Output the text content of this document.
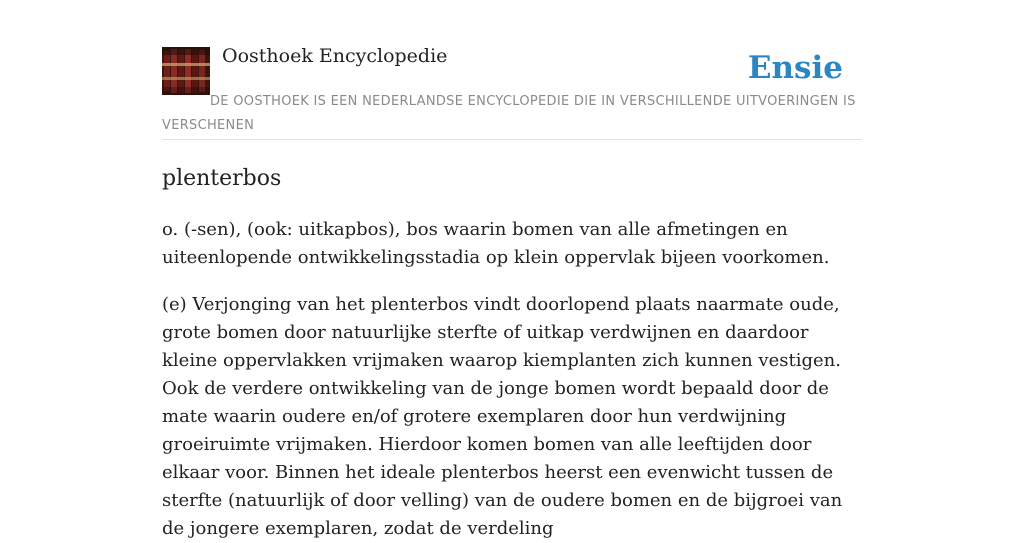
Oosthoek Encyclopedie	Ensie
DE OOSTHOEK IS EEN NEDERLANDSE ENCYCLOPEDIE DIE IN VERSCHILLENDE UITVOERINGEN IS VERSCHENEN
plenterbos

o. (-sen), (ook: uitkapbos), bos waarin bomen van alle afmetingen en uiteenlopende ontwikkelingsstadia op klein oppervlak bijeen voorkomen.

(e) Verjonging van het plenterbos vindt doorlopend plaats naarmate oude, grote bomen door natuurlijke sterfte of uitkap verdwijnen en daardoor kleine oppervlakken vrijmaken waarop kiemplanten zich kunnen vestigen. Ook de verdere ontwikkeling van de jonge bomen wordt bepaald door de mate waarin oudere en/of grotere exemplaren door hun verdwijning groeiruimte vrijmaken. Hierdoor komen bomen van alle leeftijden door elkaar voor. Binnen het ideale plenterbos heerst een evenwicht tussen de sterfte (natuurlijk of door velling) van de oudere bomen en de bijgroei van de jongere exemplaren, zodat de verdeling
